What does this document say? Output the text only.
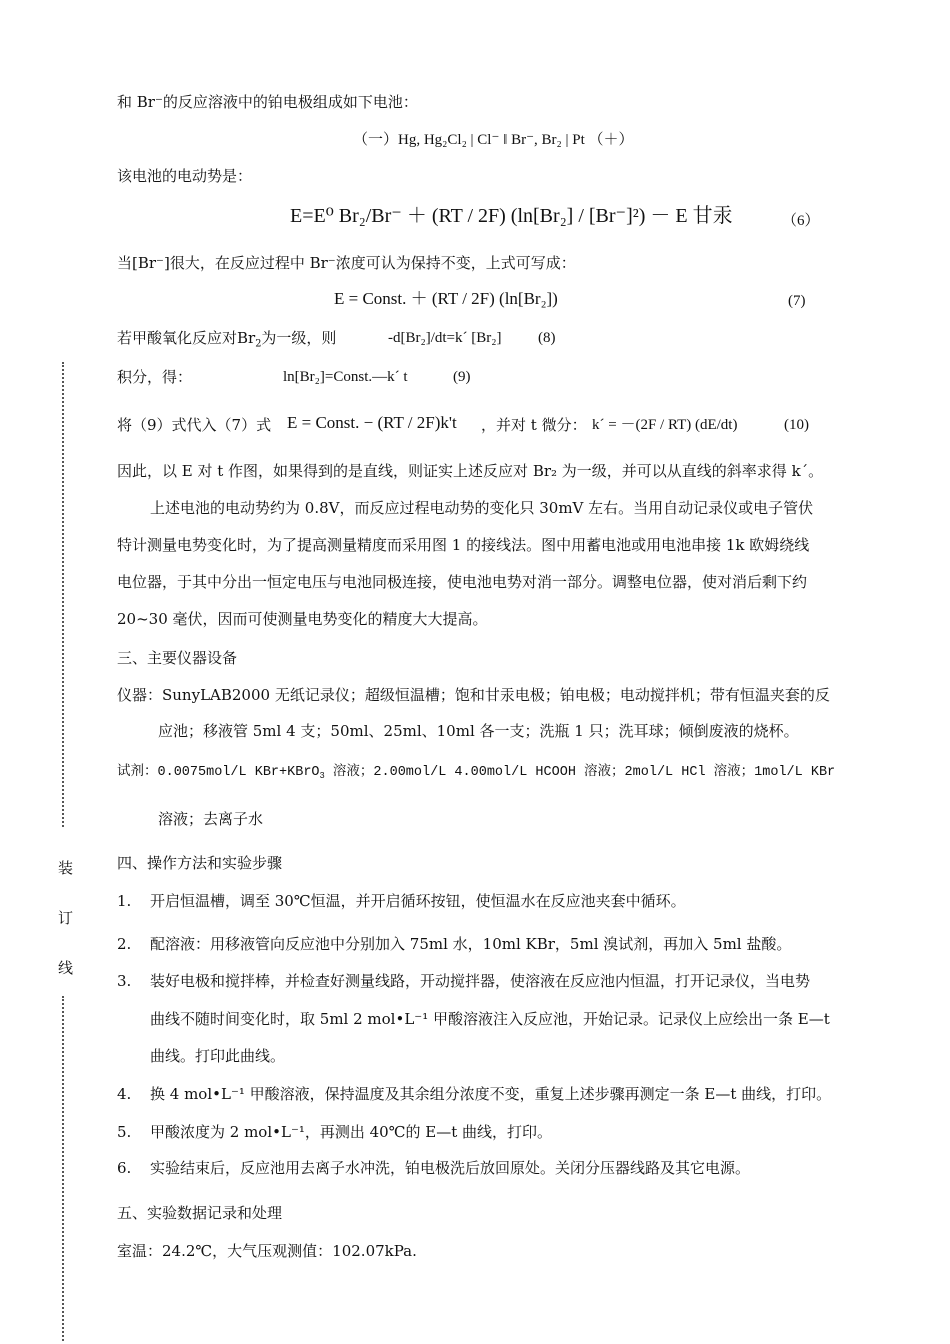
装
订
线
和 Br⁻的反应溶液中的铂电极组成如下电池：
（一）Hg, Hg₂Cl₂ | Cl⁻ ‖ Br⁻, Br₂ | Pt （＋）
该电池的电动势是：
E=E⁰ Br₂/Br⁻ ＋ (RT / 2F) (ln[Br₂] / [Br⁻]²) － E 甘汞	（6）
当[Br⁻]很大，在反应过程中 Br⁻浓度可认为保持不变，上式可写成：
E = Const. ＋ (RT / 2F) (ln[Br₂])	(7)
若甲酸氧化反应对$Br_2$为一级，则	-d[Br₂]/dt=k´ [Br₂] (8)
积分，得：	ln[Br₂]=Const.—k´ t	(9)
将（9）式代入（7）式 E = Const. − (RT / 2F)k't ，并对 t 微分： k´ = －(2F / RT) (dE/dt)	(10)
因此，以 E 对 t 作图，如果得到的是直线，则证实上述反应对 Br₂ 为一级，并可以从直线的斜率求得 k´。
上述电池的电动势约为 0.8V，而反应过程电动势的变化只 30mV 左右。当用自动记录仪或电子管伏
特计测量电势变化时，为了提高测量精度而采用图 1 的接线法。图中用蓄电池或用电池串接 1k 欧姆绕线
电位器，于其中分出一恒定电压与电池同极连接，使电池电势对消一部分。调整电位器，使对消后剩下约
20~30 毫伏，因而可使测量电势变化的精度大大提高。
三、主要仪器设备
仪器：SunyLAB2000 无纸记录仪；超级恒温槽；饱和甘汞电极；铂电极；电动搅拌机；带有恒温夹套的反
应池；移液管 5ml 4 支；50ml、25ml、10ml 各一支；洗瓶 1 只；洗耳球；倾倒废液的烧杯。
试剂：0.0075mol/L KBr+KBrO$_3$ 溶液；2.00mol/L 4.00mol/L HCOOH 溶液；2mol/L HCl 溶液；1mol/L KBr
溶液；去离子水
四、操作方法和实验步骤
1. 开启恒温槽，调至 30℃恒温，并开启循环按钮，使恒温水在反应池夹套中循环。
2. 配溶液：用移液管向反应池中分别加入 75ml 水，10ml KBr，5ml 溴试剂，再加入 5ml 盐酸。
3. 装好电极和搅拌棒，并检查好测量线路，开动搅拌器，使溶液在反应池内恒温，打开记录仪，当电势
曲线不随时间变化时，取 5ml 2 mol•L⁻¹ 甲酸溶液注入反应池，开始记录。记录仪上应绘出一条 E—t
曲线。打印此曲线。
4. 换 4 mol•L⁻¹ 甲酸溶液，保持温度及其余组分浓度不变，重复上述步骤再测定一条 E—t 曲线，打印。
5. 甲酸浓度为 2 mol•L⁻¹，再测出 40℃的 E—t 曲线，打印。
6. 实验结束后，反应池用去离子水冲洗，铂电极洗后放回原处。关闭分压器线路及其它电源。
五、实验数据记录和处理
室温：24.2℃，大气压观测值：102.07kPa.
